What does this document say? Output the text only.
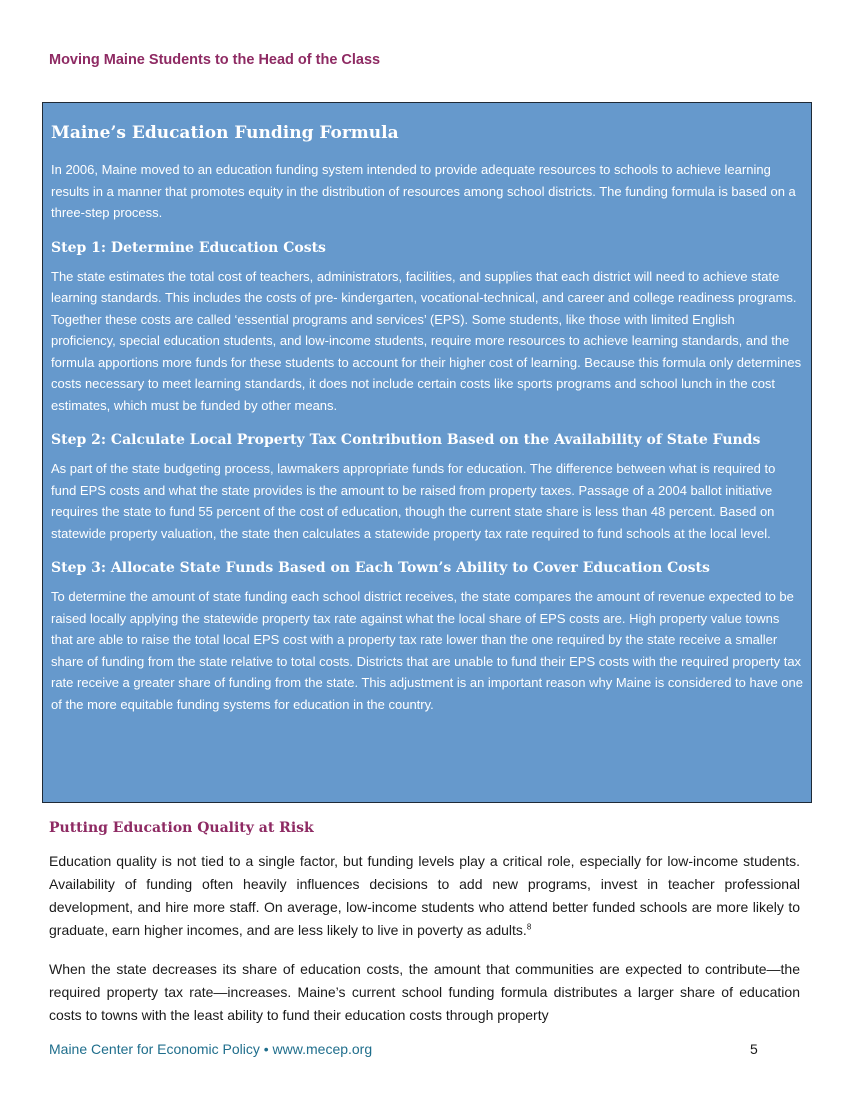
Moving Maine Students to the Head of the Class
Maine’s Education Funding Formula

In 2006, Maine moved to an education funding system intended to provide adequate resources to schools to achieve learning results in a manner that promotes equity in the distribution of resources among school districts. The funding formula is based on a three-step process.

Step 1: Determine Education Costs

The state estimates the total cost of teachers, administrators, facilities, and supplies that each district will need to achieve state learning standards. This includes the costs of pre- kindergarten, vocational-technical, and career and college readiness programs. Together these costs are called ‘essential programs and services’ (EPS). Some students, like those with limited English proficiency, special education students, and low-income students, require more resources to achieve learning standards, and the formula apportions more funds for these students to account for their higher cost of learning. Because this formula only determines costs necessary to meet learning standards, it does not include certain costs like sports programs and school lunch in the cost estimates, which must be funded by other means.

Step 2: Calculate Local Property Tax Contribution Based on the Availability of State Funds

As part of the state budgeting process, lawmakers appropriate funds for education. The difference between what is required to fund EPS costs and what the state provides is the amount to be raised from property taxes. Passage of a 2004 ballot initiative requires the state to fund 55 percent of the cost of education, though the current state share is less than 48 percent. Based on statewide property valuation, the state then calculates a statewide property tax rate required to fund schools at the local level.

Step 3: Allocate State Funds Based on Each Town’s Ability to Cover Education Costs

To determine the amount of state funding each school district receives, the state compares the amount of revenue expected to be raised locally applying the statewide property tax rate against what the local share of EPS costs are. High property value towns that are able to raise the total local EPS cost with a property tax rate lower than the one required by the state receive a smaller share of funding from the state relative to total costs. Districts that are unable to fund their EPS costs with the required property tax rate receive a greater share of funding from the state. This adjustment is an important reason why Maine is considered to have one of the more equitable funding systems for education in the country.

Putting Education Quality at Risk

Education quality is not tied to a single factor, but funding levels play a critical role, especially for low-income students. Availability of funding often heavily influences decisions to add new programs, invest in teacher professional development, and hire more staff. On average, low-income students who attend better funded schools are more likely to graduate, earn higher incomes, and are less likely to live in poverty as adults.$^8$

When the state decreases its share of education costs, the amount that communities are expected to contribute—the required property tax rate—increases. Maine’s current school funding formula distributes a larger share of education costs to towns with the least ability to fund their education costs through property

Maine Center for Economic Policy • www.mecep.org	5
